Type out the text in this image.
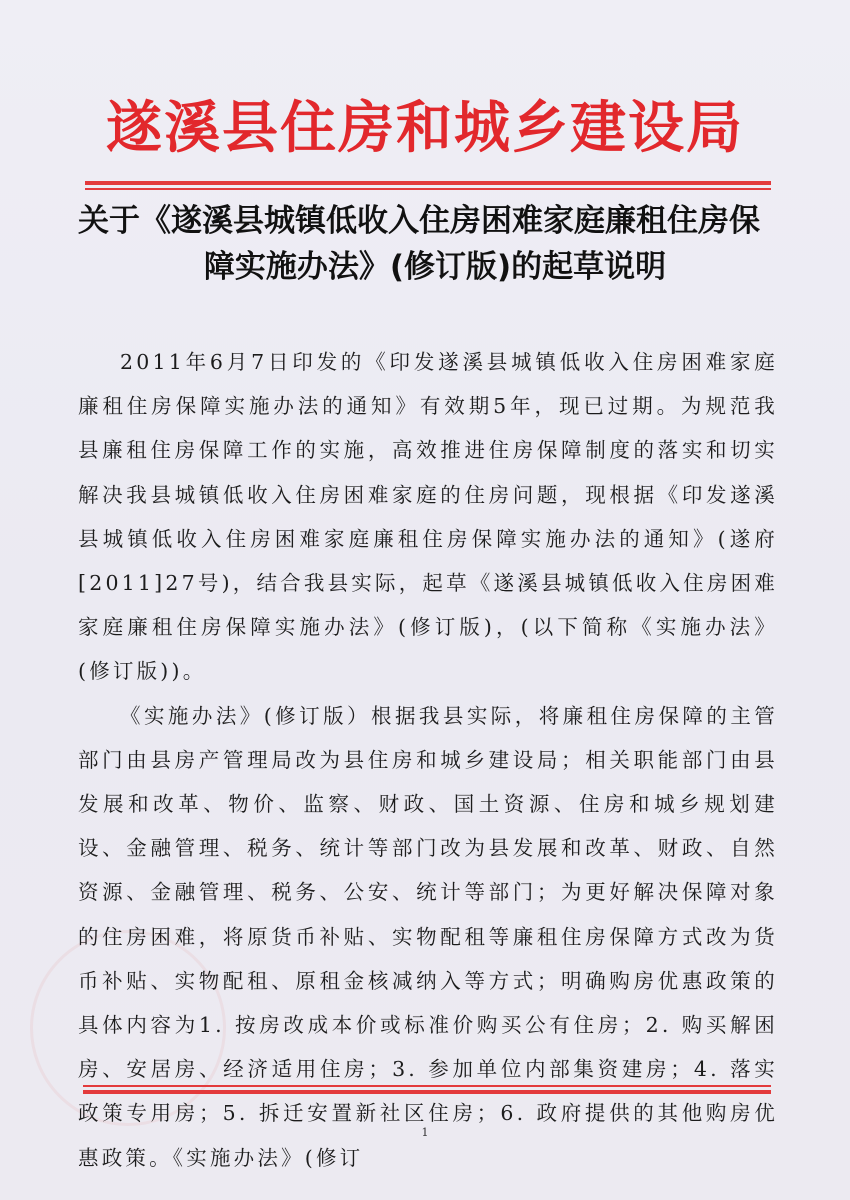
遂溪县住房和城乡建设局
关于《遂溪县城镇低收入住房困难家庭廉租住房保
障实施办法》(修订版)的起草说明

2011年6月7日印发的《印发遂溪县城镇低收入住房困难家庭廉租住房保障实施办法的通知》有效期5年，现已过期。为规范我县廉租住房保障工作的实施，高效推进住房保障制度的落实和切实解决我县城镇低收入住房困难家庭的住房问题，现根据《印发遂溪县城镇低收入住房困难家庭廉租住房保障实施办法的通知》(遂府[2011]27号)，结合我县实际，起草《遂溪县城镇低收入住房困难家庭廉租住房保障实施办法》(修订版)，(以下简称《实施办法》(修订版))。

《实施办法》(修订版）根据我县实际，将廉租住房保障的主管部门由县房产管理局改为县住房和城乡建设局；相关职能部门由县发展和改革、物价、监察、财政、国土资源、住房和城乡规划建设、金融管理、税务、统计等部门改为县发展和改革、财政、自然资源、金融管理、税务、公安、统计等部门；为更好解决保障对象的住房困难，将原货币补贴、实物配租等廉租住房保障方式改为货币补贴、实物配租、原租金核减纳入等方式；明确购房优惠政策的具体内容为1. 按房改成本价或标准价购买公有住房；2. 购买解困房、安居房、经济适用住房；3. 参加单位内部集资建房；4. 落实政策专用房；5. 拆迁安置新社区住房；6. 政府提供的其他购房优惠政策。《实施办法》(修订

1
